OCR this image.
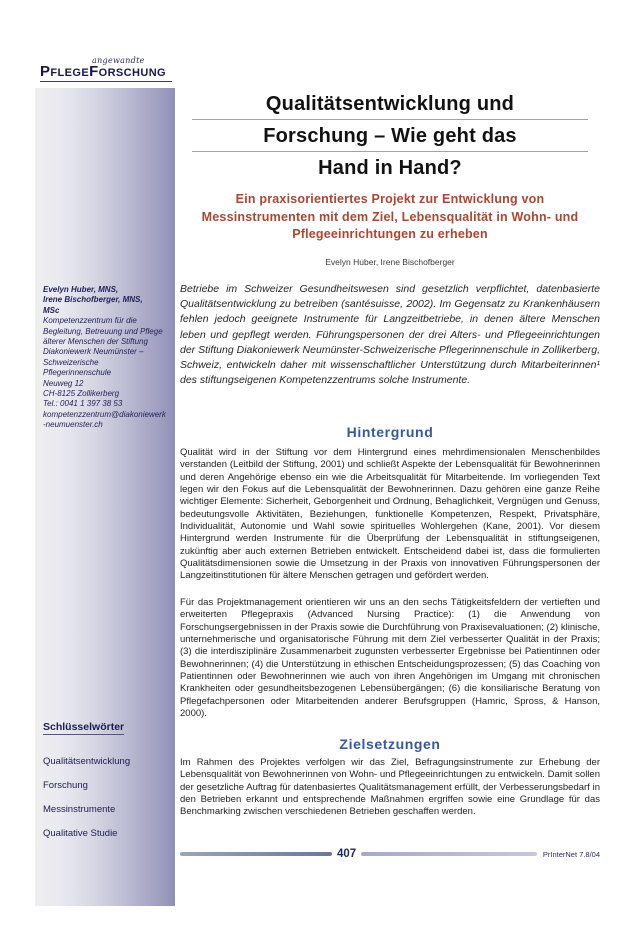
angewandte
PflegeForschung
Evelyn Huber, MNS,
Irene Bischofberger, MNS,
MSc
Kompetenzzentrum für die Begleitung, Betreuung und Pflege älterer Menschen der Stiftung Diakoniewerk Neumünster – Schweizerische Pflegerinnenschule
Neuweg 12
CH-8125 Zollikerberg
Tel.: 0041 1 397 38 53
kompetenzzentrum@diakoniewerk-neumuenster.ch
Schlüsselwörter
Qualitätsentwicklung
Forschung
Messinstrumente
Qualitative Studie
Qualitätsentwicklung und
Forschung – Wie geht das
Hand in Hand?
Ein praxisorientiertes Projekt zur Entwicklung von Messinstrumenten mit dem Ziel, Lebensqualität in Wohn- und Pflegeeinrichtungen zu erheben
Evelyn Huber, Irene Bischofberger

Betriebe im Schweizer Gesundheitswesen sind gesetzlich verpflichtet, datenbasierte Qualitätsentwicklung zu betreiben (santésuisse, 2002). Im Gegensatz zu Krankenhäusern fehlen jedoch geeignete Instrumente für Langzeitbetriebe, in denen ältere Menschen leben und gepflegt werden. Führungspersonen der drei Alters- und Pflegeeinrichtungen der Stiftung Diakoniewerk Neumünster-Schweizerische Pflegerinnenschule in Zollikerberg, Schweiz, entwickeln daher mit wissenschaftlicher Unterstützung durch Mitarbeiterinnen¹ des stiftungseigenen Kompetenzzentrums solche Instrumente.

Hintergrund

Qualität wird in der Stiftung vor dem Hintergrund eines mehrdimensionalen Menschenbildes verstanden (Leitbild der Stiftung, 2001) und schließt Aspekte der Lebensqualität für Bewohnerinnen und deren Angehörige ebenso ein wie die Arbeitsqualität für Mitarbeitende. Im vorliegenden Text legen wir den Fokus auf die Lebensqualität der Bewohnerinnen. Dazu gehören eine ganze Reihe wichtiger Elemente: Sicherheit, Geborgenheit und Ordnung, Behaglichkeit, Vergnügen und Genuss, bedeutungsvolle Aktivitäten, Beziehungen, funktionelle Kompetenzen, Respekt, Privatsphäre, Individualität, Autonomie und Wahl sowie spirituelles Wohlergehen (Kane, 2001). Vor diesem Hintergrund werden Instrumente für die Überprüfung der Lebensqualität in stiftungseigenen, zukünftig aber auch externen Betrieben entwickelt. Entscheidend dabei ist, dass die formulierten Qualitätsdimensionen sowie die Umsetzung in der Praxis von innovativen Führungspersonen der Langzeitinstitutionen für ältere Menschen getragen und gefördert werden.

Für das Projektmanagement orientieren wir uns an den sechs Tätigkeitsfeldern der vertieften und erweiterten Pflegepraxis (Advanced Nursing Practice): (1) die Anwendung von Forschungsergebnissen in der Praxis sowie die Durchführung von Praxisevaluationen; (2) klinische, unternehmerische und organisatorische Führung mit dem Ziel verbesserter Qualität in der Praxis; (3) die interdisziplinäre Zusammenarbeit zugunsten verbesserter Ergebnisse bei Patientinnen oder Bewohnerinnen; (4) die Unterstützung in ethischen Entscheidungsprozessen; (5) das Coaching von Patientinnen oder Bewohnerinnen wie auch von ihren Angehörigen im Umgang mit chronischen Krankheiten oder gesundheitsbezogenen Lebensübergängen; (6) die konsiliarische Beratung von Pflegefachpersonen oder Mitarbeitenden anderer Berufsgruppen (Hamric, Spross, & Hanson, 2000).

Zielsetzungen

Im Rahmen des Projektes verfolgen wir das Ziel, Befragungsinstrumente zur Erhebung der Lebensqualität von Bewohnerinnen von Wohn- und Pflegeeinrichtungen zu entwickeln. Damit sollen der gesetzliche Auftrag für datenbasiertes Qualitätsmanagement erfüllt, der Verbesserungsbedarf in den Betrieben erkannt und entsprechende Maßnahmen ergriffen sowie eine Grundlage für das Benchmarking zwischen verschiedenen Betrieben geschaffen werden.

407	PrInterNet 7.8/04
